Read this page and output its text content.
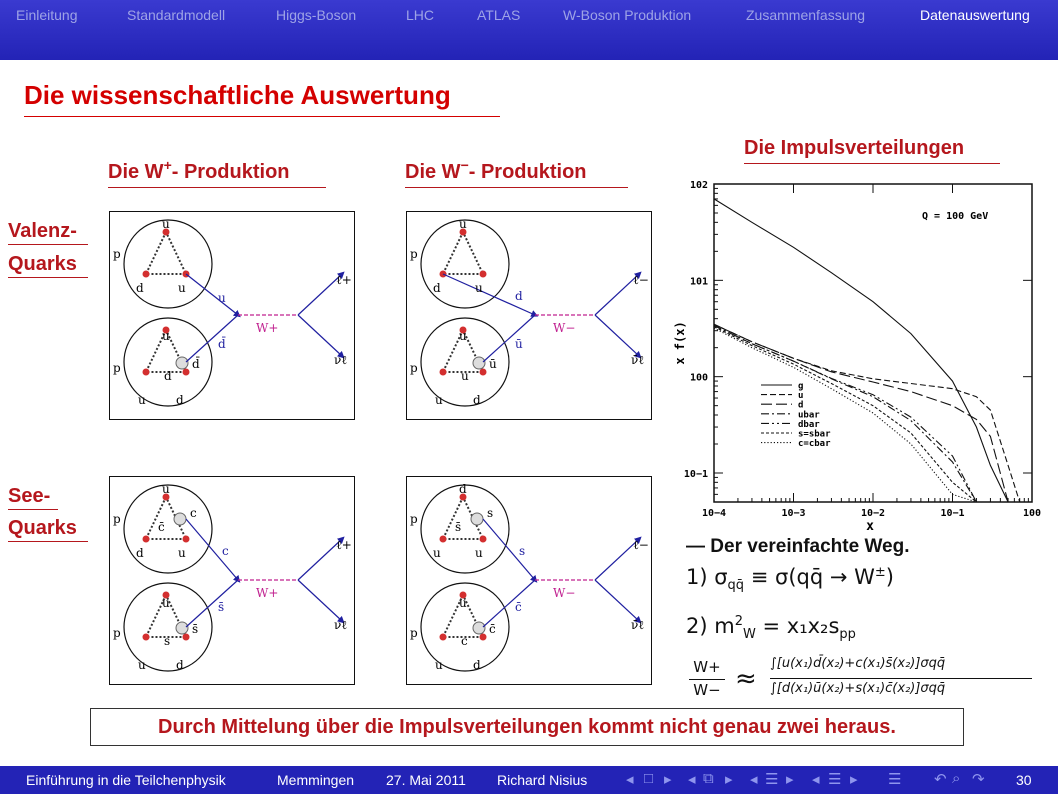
Einleitung	Standardmodell	Higgs-Boson	LHC	ATLAS	W-Boson Produktion	Zusammenfassung	Datenauswertung
Die wissenschaftliche Auswertung
Die W+- Produktion	Die W−- Produktion
Valenz-
Quarks
See-
Quarks
Die Impulsverteilungen
p
u
d	u
u
d̄
W+
ℓ+
νℓ
p
u
d
d̄
u	d
p
u
d	u
d
ū
W−
ℓ−
ν̄ℓ
p
u
u
ū
u	d
p
u
c
c̄
d	u	c
s̄
W+
ℓ+
νℓ
p
u
s
s̄
u	d
p
d
s
s̄
u	u	s
c̄
W−
ℓ−
ν̄ℓ
p
u
c
c̄
u	d
10−4	10−3	10−2	10−1	100
10−1
100
101
102
g
u
d
ubar
dbar
s=sbar
c=cbar
Q = 100 GeV
x
x f(x)
— Der vereinfachte Weg.
1) $\sigma_{qq̄}$ ≡ σ(qq̄ → W±)
2) $m^2_W = x_1x_2s_{pp}$
W+
W− ≈
∫[u(x₁)d̄(x₂)+c(x₁)s̄(x₂)]σqq̄
∫[d(x₁)ū(x₂)+s(x₁)c̄(x₂)]σqq̄
Durch Mittelung über die Impulsverteilungen kommt nicht genau zwei heraus.
Einführung in die Teilchenphysik	Memmingen 27. Mai 2011 Richard Nisius	◂ □ ▸ ◂ ⧉ ▸ ◂ ☰ ▸ ◂ ☰ ▸ ☰ ↶ ⌕ ↷ 30
